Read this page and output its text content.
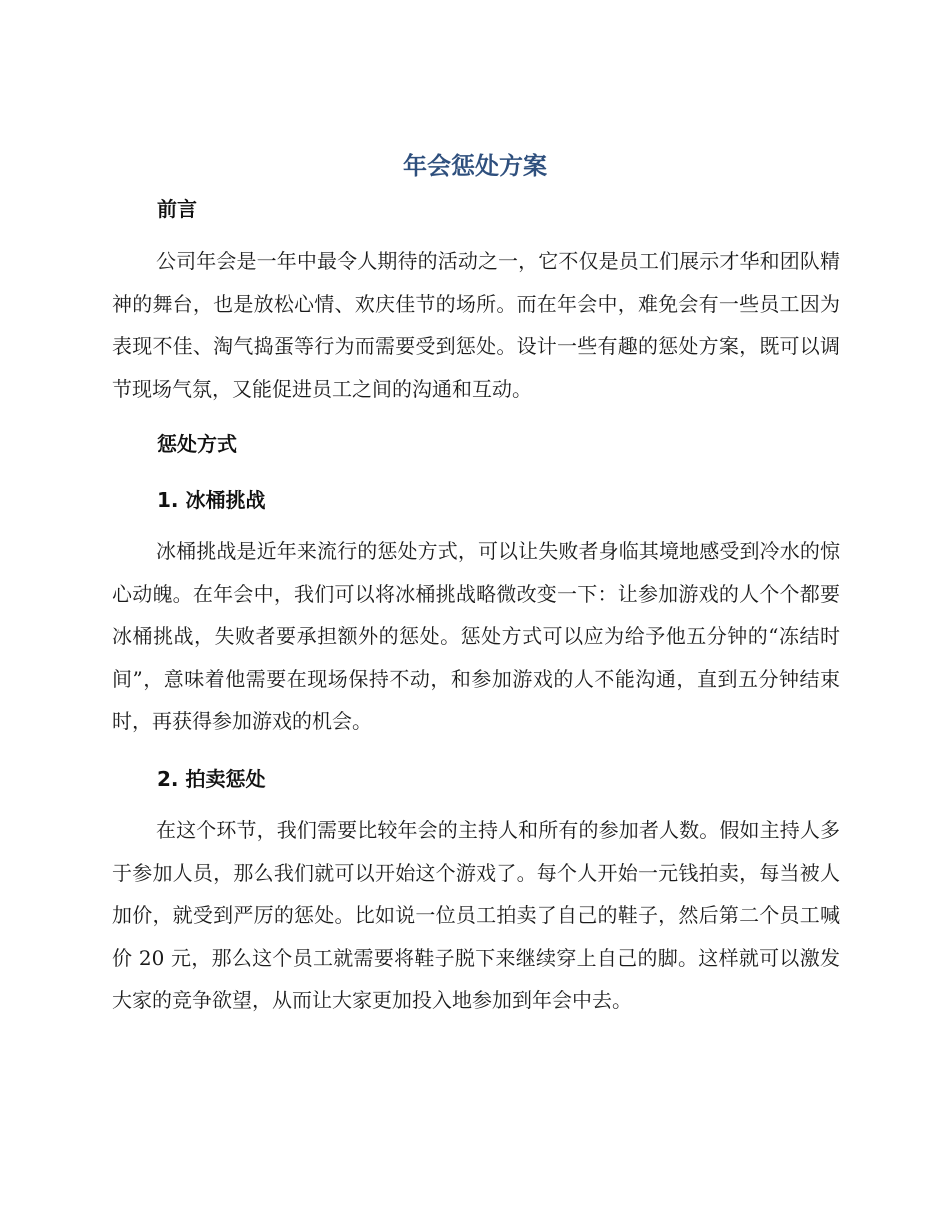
年会惩处方案
前言

公司年会是一年中最令人期待的活动之一，它不仅是员工们展示才华和团队精神的舞台，也是放松心情、欢庆佳节的场所。而在年会中，难免会有一些员工因为表现不佳、淘气捣蛋等行为而需要受到惩处。设计一些有趣的惩处方案，既可以调节现场气氛，又能促进员工之间的沟通和互动。

惩处方式
1. 冰桶挑战

冰桶挑战是近年来流行的惩处方式，可以让失败者身临其境地感受到冷水的惊心动魄。在年会中，我们可以将冰桶挑战略微改变一下：让参加游戏的人个个都要冰桶挑战，失败者要承担额外的惩处。惩处方式可以应为给予他五分钟的“冻结时间”，意味着他需要在现场保持不动，和参加游戏的人不能沟通，直到五分钟结束时，再获得参加游戏的机会。

2. 拍卖惩处

在这个环节，我们需要比较年会的主持人和所有的参加者人数。假如主持人多于参加人员，那么我们就可以开始这个游戏了。每个人开始一元钱拍卖，每当被人加价，就受到严厉的惩处。比如说一位员工拍卖了自己的鞋子，然后第二个员工喊价 20 元，那么这个员工就需要将鞋子脱下来继续穿上自己的脚。这样就可以激发大家的竞争欲望，从而让大家更加投入地参加到年会中去。
